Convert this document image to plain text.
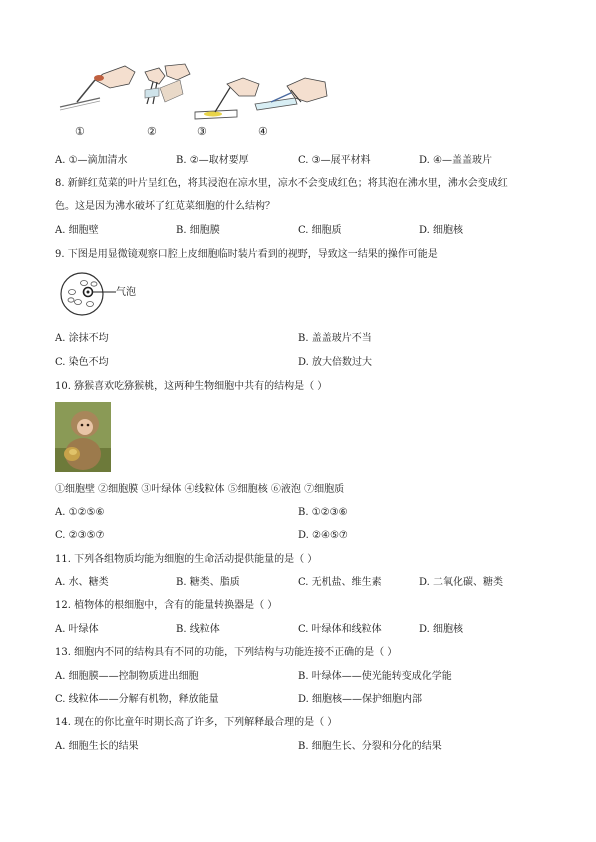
①	②	③	④
A. ①—滴加清水	B. ②—取材要厚	C. ③—展平材料	D. ④—盖盖玻片
8. 新鲜红苋菜的叶片呈红色，将其浸泡在凉水里，凉水不会变成红色；将其泡在沸水里，沸水会变成红
色。这是因为沸水破坏了红苋菜细胞的什么结构？
A. 细胞壁	B. 细胞膜	C. 细胞质	D. 细胞核
9. 下图是用显微镜观察口腔上皮细胞临时装片看到的视野，导致这一结果的操作可能是
气泡
A. 涂抹不均	B. 盖盖玻片不当
C. 染色不均	D. 放大倍数过大
10. 猕猴喜欢吃猕猴桃，这两种生物细胞中共有的结构是（ ）
①细胞壁 ②细胞膜 ③叶绿体 ④线粒体 ⑤细胞核 ⑥液泡 ⑦细胞质
A. ①②⑤⑥	B. ①②③⑥
C. ②③⑤⑦	D. ②④⑤⑦
11. 下列各组物质均能为细胞的生命活动提供能量的是（ ）
A. 水、糖类	B. 糖类、脂质	C. 无机盐、维生素	D. 二氧化碳、糖类
12. 植物体的根细胞中，含有的能量转换器是（ ）
A. 叶绿体	B. 线粒体	C. 叶绿体和线粒体	D. 细胞核
13. 细胞内不同的结构具有不同的功能，下列结构与功能连接不正确的是（ ）
A. 细胞膜——控制物质进出细胞	B. 叶绿体——使光能转变成化学能
C. 线粒体——分解有机物，释放能量	D. 细胞核——保护细胞内部
14. 现在的你比童年时期长高了许多，下列解释最合理的是（ ）
A. 细胞生长的结果	B. 细胞生长、分裂和分化的结果
